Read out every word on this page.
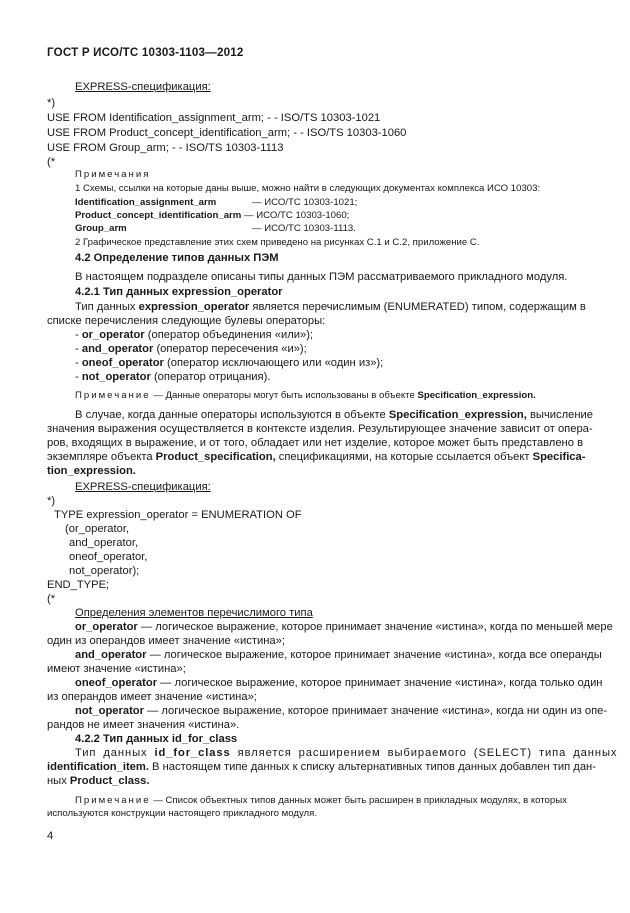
ГОСТ Р ИСО/ТС 10303-1103—2012
EXPRESS-спецификация:
*)
USE FROM Identification_assignment_arm; - - ISO/TS 10303-1021
USE FROM Product_concept_identification_arm; - - ISO/TS 10303-1060
USE FROM Group_arm; - - ISO/TS 10303-1113
(*
Примечания
1 Схемы, ссылки на которые даны выше, можно найти в следующих документах комплекса ИСО 10303:
Identification_assignment_arm	— ИСО/ТС 10303-1021;
Product_concept_identification_arm — ИСО/ТС 10303-1060;
Group_arm	— ИСО/ТС 10303-1113.
2 Графическое представление этих схем приведено на рисунках С.1 и С.2, приложение С.
4.2 Определение типов данных ПЭМ
В настоящем подразделе описаны типы данных ПЭМ рассматриваемого прикладного модуля.
4.2.1 Тип данных expression_operator
Тип данных expression_operator является перечислимым (ENUMERATED) типом, содержащим в
списке перечисления следующие булевы операторы:
- or_operator (оператор объединения «или»);
- and_operator (оператор пересечения «и»);
- oneof_operator (оператор исключающего или «один из»);
- not_operator (оператор отрицания).
Примечание — Данные операторы могут быть использованы в объекте Specification_expression.
В случае, когда данные операторы используются в объекте Specification_expression, вычисление
значения выражения осуществляется в контексте изделия. Результирующее значение зависит от опера-
ров, входящих в выражение, и от того, обладает или нет изделие, которое может быть представлено в
экземпляре объекта Product_specification, спецификациями, на которые ссылается объект Specifica-
tion_expression.
EXPRESS-спецификация:
*)
TYPE expression_operator = ENUMERATION OF
(or_operator,
and_operator,
oneof_operator,
not_operator);
END_TYPE;
(*
Определения элементов перечислимого типа
or_operator — логическое выражение, которое принимает значение «истина», когда по меньшей мере
один из операндов имеет значение «истина»;
and_operator — логическое выражение, которое принимает значение «истина», когда все операнды
имеют значение «истина»;
oneof_operator — логическое выражение, которое принимает значение «истина», когда только один
из операндов имеет значение «истина»;
not_operator — логическое выражение, которое принимает значение «истина», когда ни один из опе-
рандов не имеет значения «истина».
4.2.2 Тип данных id_for_class
Тип данных id_for_class является расширением выбираемого (SELECT) типа данных
identification_item. В настоящем типе данных к списку альтернативных типов данных добавлен тип дан-
ных Product_class.
Примечание — Список объектных типов данных может быть расширен в прикладных модулях, в которых
используются конструкции настоящего прикладного модуля.
4
